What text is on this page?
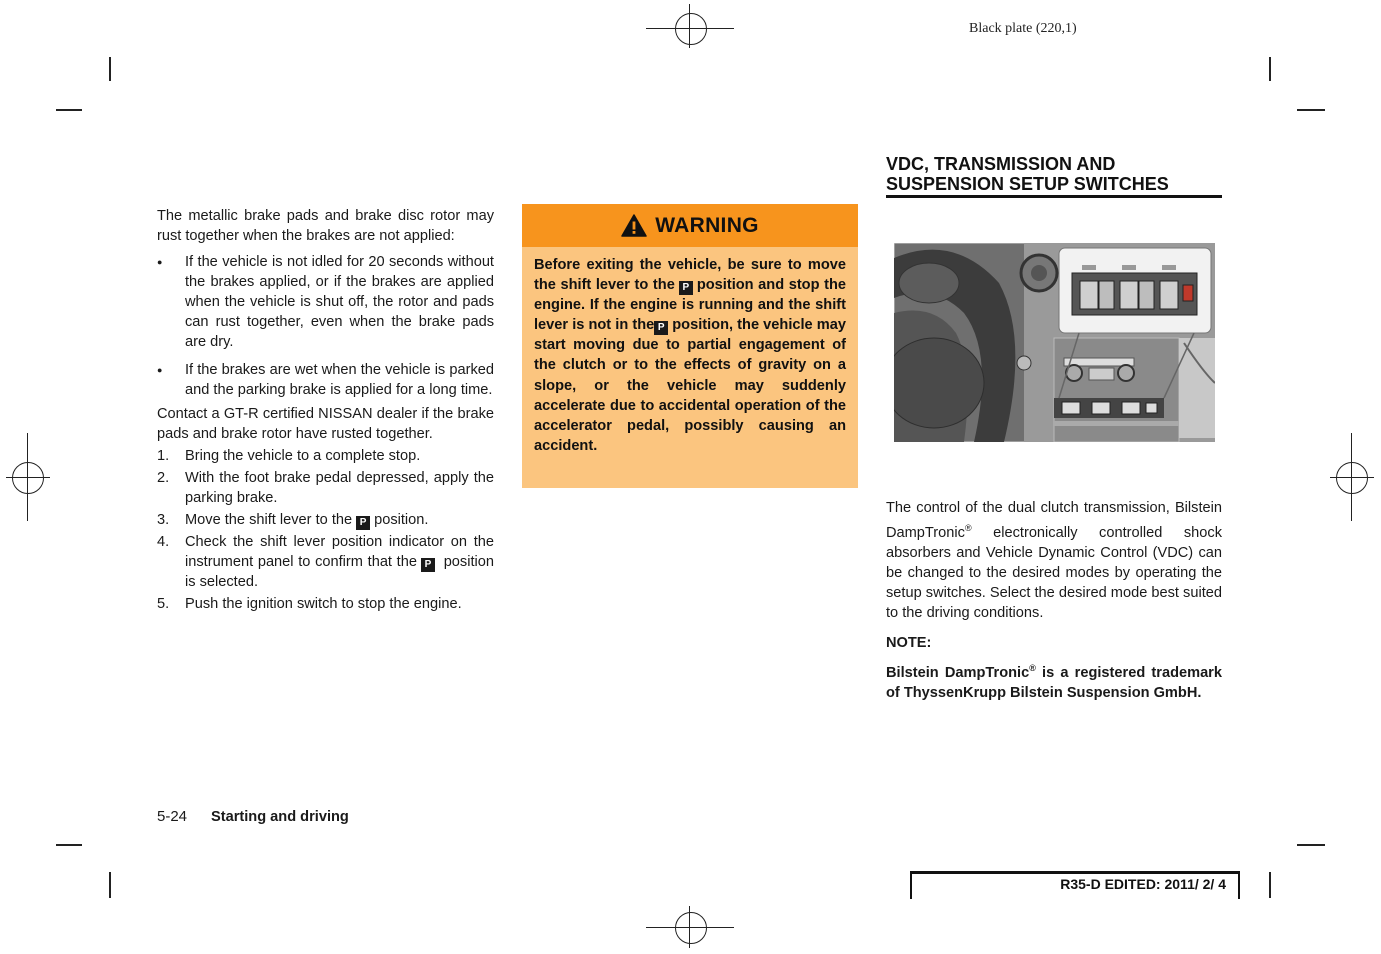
Black plate (220,1)

The metallic brake pads and brake disc rotor may rust together when the brakes are not applied:

● If the vehicle is not idled for 20 seconds without the brakes applied, or if the brakes are applied when the vehicle is shut off, the rotor and pads can rust together, even when the brake pads are dry.
● If the brakes are wet when the vehicle is parked and the parking brake is applied for a long time.

Contact a GT-R certified NISSAN dealer if the brake pads and brake rotor have rusted together.

1. Bring the vehicle to a complete stop.
2. With the foot brake pedal depressed, apply the parking brake.
3. Move the shift lever to the P position.
4. Check the shift lever position indicator on the instrument panel to confirm that the P position is selected.
5. Push the ignition switch to stop the engine.
WARNING
Before exiting the vehicle, be sure to move the shift lever to the P position and stop the engine. If the engine is running and the shift lever is not in the P position, the vehicle may start moving due to partial engagement of the clutch or to the effects of gravity on a slope, or the vehicle may suddenly accelerate due to accidental operation of the accelerator pedal, possibly causing an accident.
VDC, TRANSMISSION AND
SUSPENSION SETUP SWITCHES

The control of the dual clutch transmission, Bilstein DampTronic® electronically controlled shock absorbers and Vehicle Dynamic Control (VDC) can be changed to the desired modes by operating the setup switches. Select the desired mode best suited to the driving conditions.

NOTE:

Bilstein DampTronic® is a registered trademark of ThyssenKrupp Bilstein Suspension GmbH.

5-24 Starting and driving
R35-D EDITED: 2011/ 2/ 4
